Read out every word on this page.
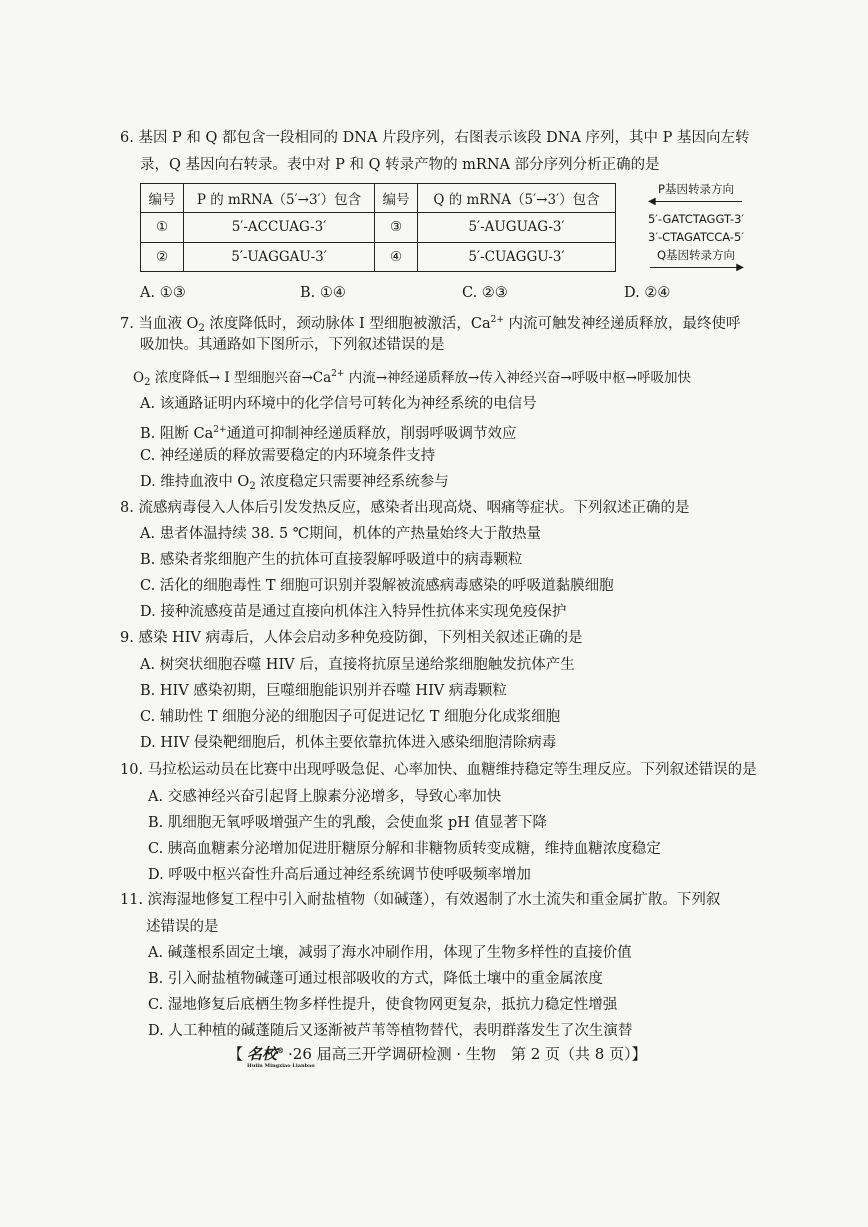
6. 基因 P 和 Q 都包含一段相同的 DNA 片段序列，右图表示该段 DNA 序列，其中 P 基因向左转
录，Q 基因向右转录。表中对 P 和 Q 转录产物的 mRNA 部分序列分析正确的是
编号	P 的 mRNA（5′→3′）包含	编号	Q 的 mRNA（5′→3′）包含
①	5′-ACCUAG-3′	③	5′-AUGUAG-3′
②	5′-UAGGAU-3′	④	5′-CUAGGU-3′
P基因转录方向
◀
5′-GATCTAGGT-3′
3′-CTAGATCCA-5′
Q基因转录方向
▶
A. ①③	B. ①④	C. ②③	D. ②④
7. 当血液 $O_2$ 浓度降低时，颈动脉体 I 型细胞被激活，$Ca^{2+}$ 内流可触发神经递质释放，最终使呼
吸加快。其通路如下图所示，下列叙述错误的是
$O_2$ 浓度降低→ I 型细胞兴奋$\to Ca^{2+}$ 内流→神经递质释放→传入神经兴奋→呼吸中枢→呼吸加快
A. 该通路证明内环境中的化学信号可转化为神经系统的电信号
B. 阻断 $Ca^{2+}$通道可抑制神经递质释放，削弱呼吸调节效应
C. 神经递质的释放需要稳定的内环境条件支持
D. 维持血液中 $O_2$ 浓度稳定只需要神经系统参与
8. 流感病毒侵入人体后引发发热反应，感染者出现高烧、咽痛等症状。下列叙述正确的是
A. 患者体温持续 38. 5 ℃期间，机体的产热量始终大于散热量
B. 感染者浆细胞产生的抗体可直接裂解呼吸道中的病毒颗粒
C. 活化的细胞毒性 T 细胞可识别并裂解被流感病毒感染的呼吸道黏膜细胞
D. 接种流感疫苗是通过直接向机体注入特异性抗体来实现免疫保护
9. 感染 HIV 病毒后，人体会启动多种免疫防御，下列相关叙述正确的是
A. 树突状细胞吞噬 HIV 后，直接将抗原呈递给浆细胞触发抗体产生
B. HIV 感染初期，巨噬细胞能识别并吞噬 HIV 病毒颗粒
C. 辅助性 T 细胞分泌的细胞因子可促进记忆 T 细胞分化成浆细胞
D. HIV 侵染靶细胞后，机体主要依靠抗体进入感染细胞清除病毒
10. 马拉松运动员在比赛中出现呼吸急促、心率加快、血糖维持稳定等生理反应。下列叙述错误的是
A. 交感神经兴奋引起肾上腺素分泌增多，导致心率加快
B. 肌细胞无氧呼吸增强产生的乳酸，会使血浆 pH 值显著下降
C. 胰高血糖素分泌增加促进肝糖原分解和非糖物质转变成糖，维持血糖浓度稳定
D. 呼吸中枢兴奋性升高后通过神经系统调节使呼吸频率增加
11. 滨海湿地修复工程中引入耐盐植物（如碱蓬），有效遏制了水土流失和重金属扩散。下列叙
述错误的是
A. 碱蓬根系固定土壤，减弱了海水冲刷作用，体现了生物多样性的直接价值
B. 引入耐盐植物碱蓬可通过根部吸收的方式，降低土壤中的重金属浓度
C. 湿地修复后底栖生物多样性提升，使食物网更复杂，抵抗力稳定性增强
D. 人工种植的碱蓬随后又逐渐被芦苇等植物替代，表明群落发生了次生演替
【 名校®
Huiin Mingxiao Lianbao
·26 届高三开学调研检测 · 生物　第 2 页（共 8 页）】
